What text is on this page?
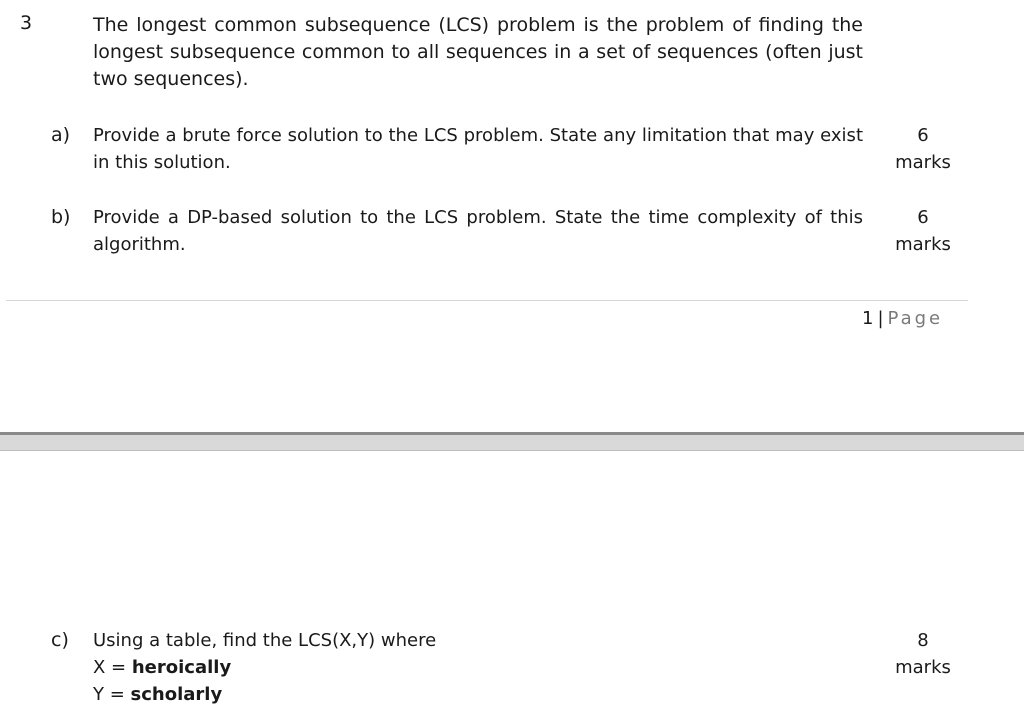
3	The longest common subsequence (LCS) problem is the problem of finding the longest subsequence common to all sequences in a set of sequences (often just two sequences).
a) Provide a brute force solution to the LCS problem. State any limitation that may exist in this solution.
6
marks
b) Provide a DP-based solution to the LCS problem. State the time complexity of this algorithm.
6
marks
1 | Page
c) Using a table, find the LCS(X,Y) where
X = heroically
Y = scholarly
8
marks
